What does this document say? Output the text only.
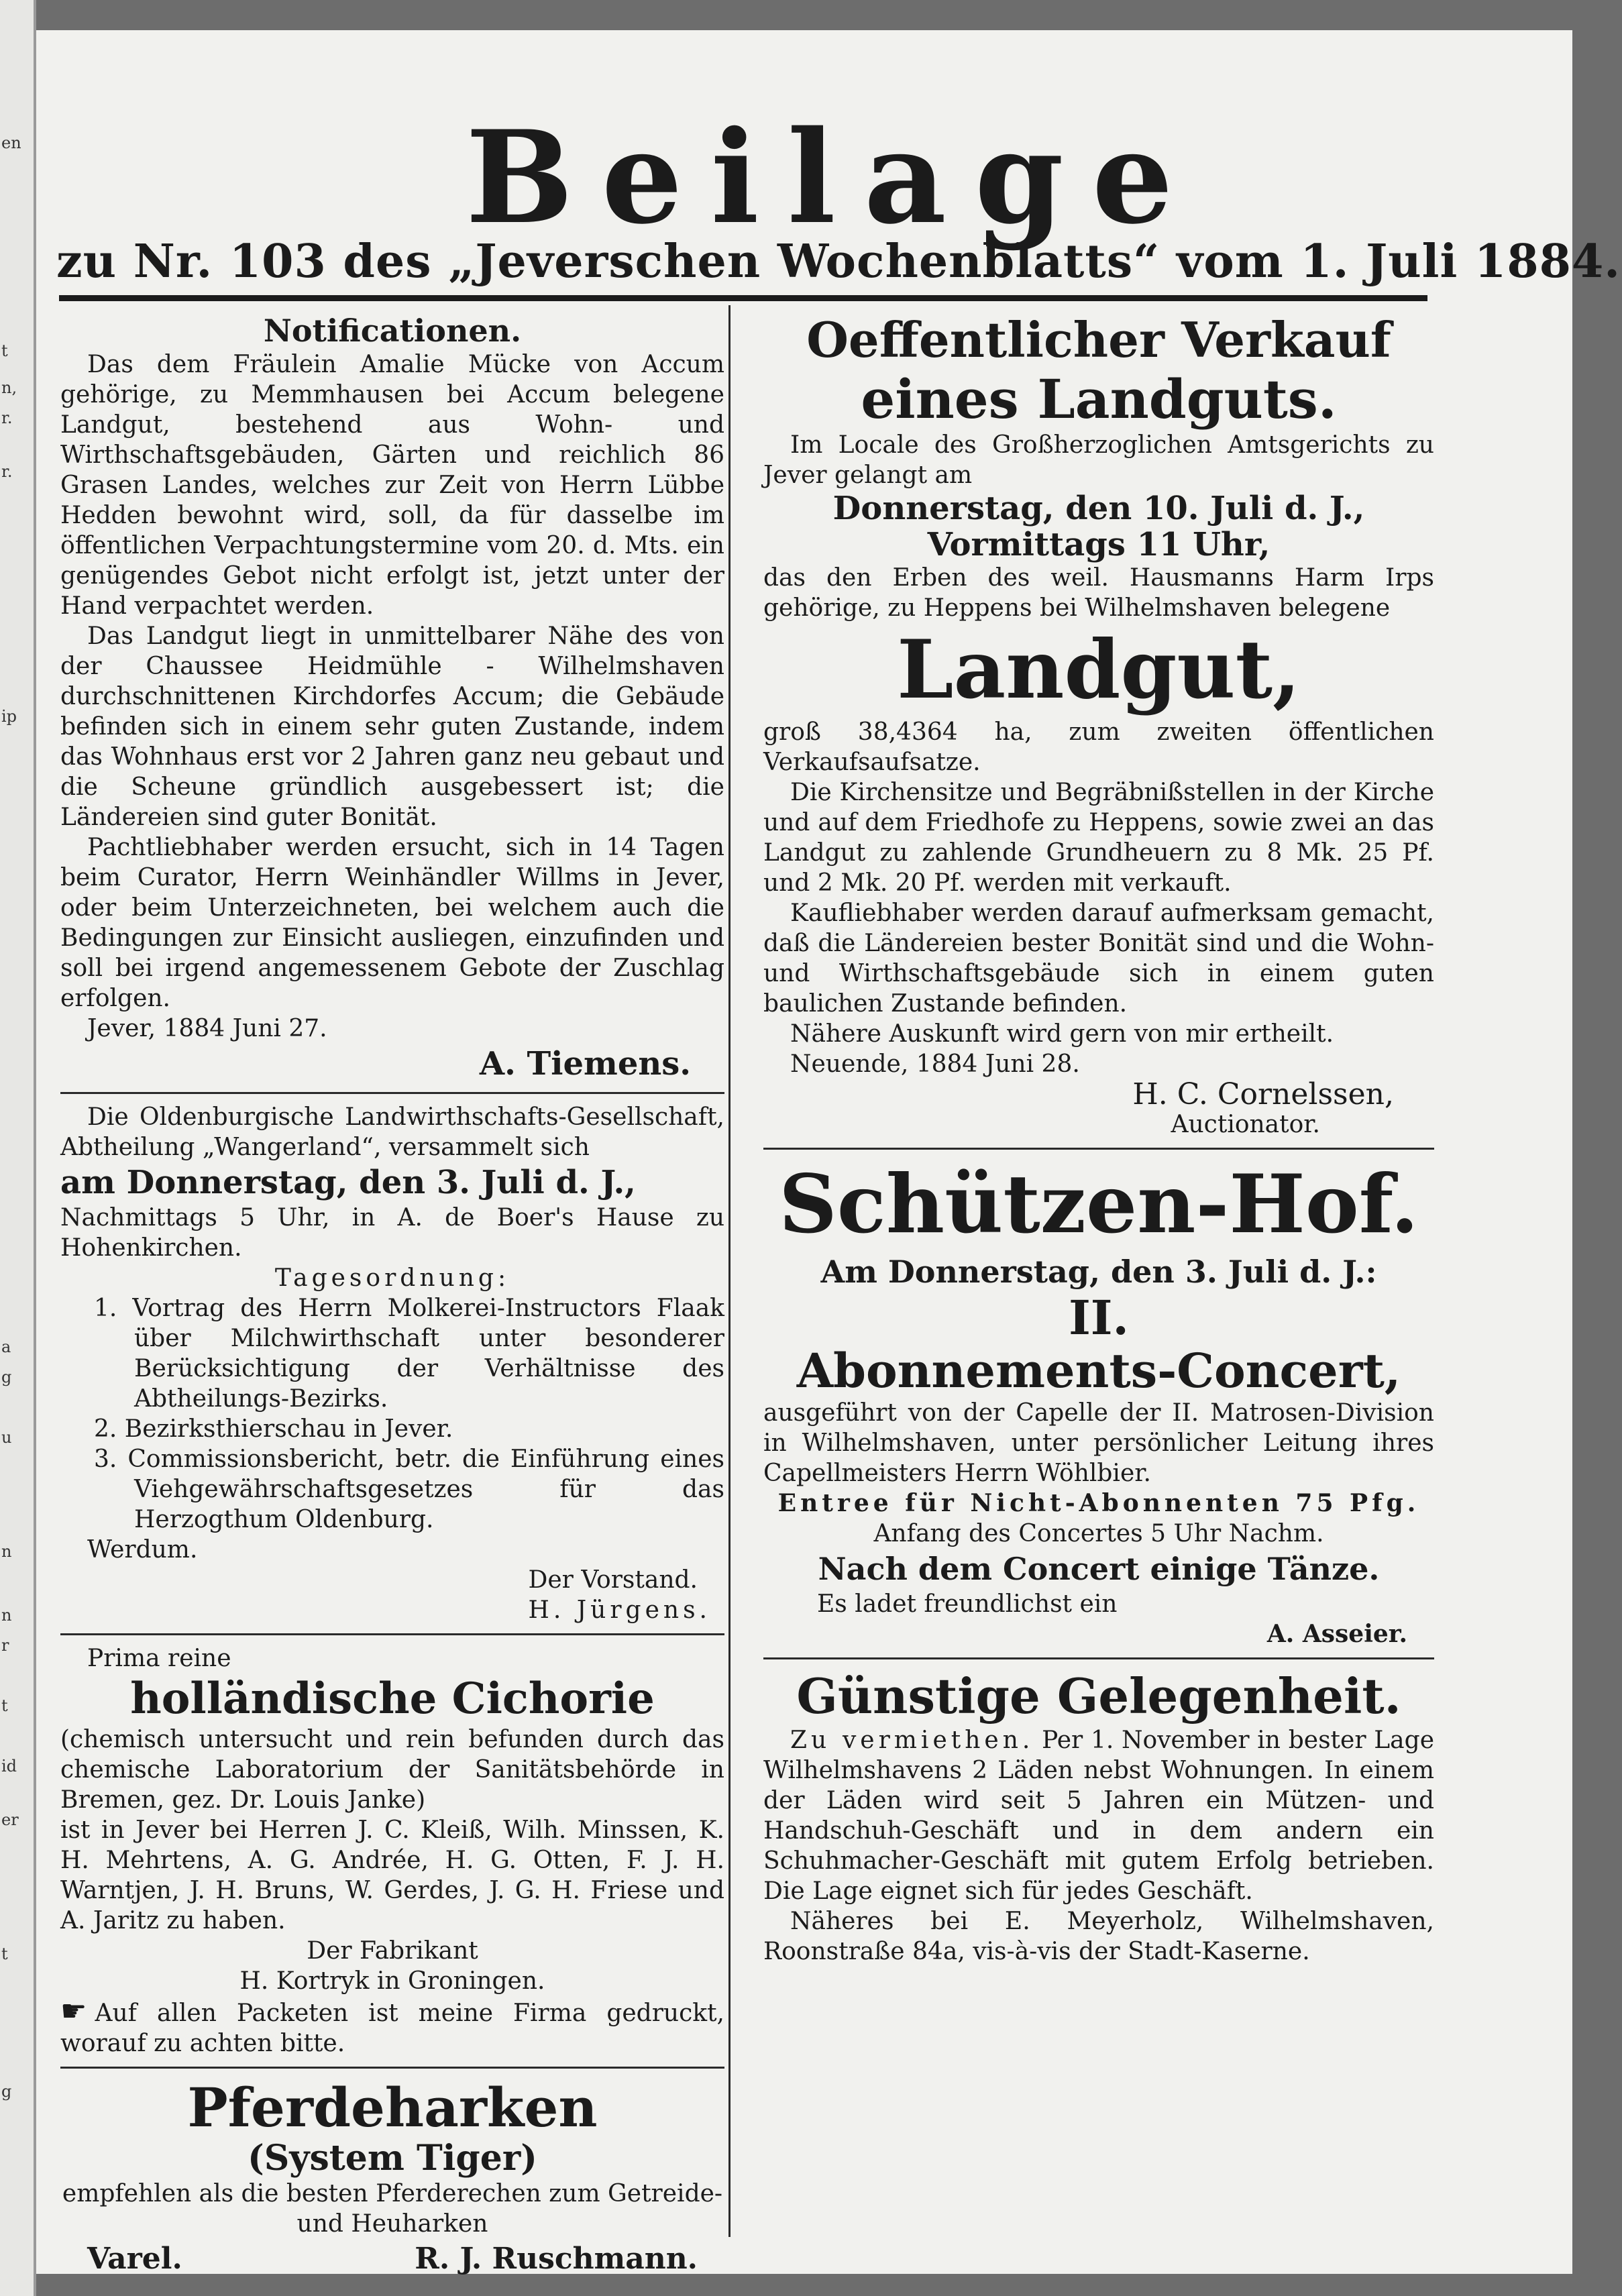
en
t
n,
r.
r.
ip
a
g
u
n
n
r
t
id
er
t
g
Beilage
zu Nr. 103 des „Jeverschen Wochenblatts“ vom 1. Juli 1884.

Notificationen.

Das dem Fräulein Amalie Mücke von Accum gehörige, zu Memmhausen bei Accum belegene Landgut, bestehend aus Wohn- und Wirthschaftsgebäuden, Gärten und reichlich 86 Grasen Landes, welches zur Zeit von Herrn Lübbe Hedden bewohnt wird, soll, da für dasselbe im öffentlichen Verpachtungstermine vom 20. d. Mts. ein genügendes Gebot nicht erfolgt ist, jetzt unter der Hand verpachtet werden.

Das Landgut liegt in unmittelbarer Nähe des von der Chaussee Heidmühle - Wilhelmshaven durchschnittenen Kirchdorfes Accum; die Gebäude befinden sich in einem sehr guten Zustande, indem das Wohnhaus erst vor 2 Jahren ganz neu gebaut und die Scheune gründlich ausgebessert ist; die Ländereien sind guter Bonität.

Pachtliebhaber werden ersucht, sich in 14 Tagen beim Curator, Herrn Weinhändler Willms in Jever, oder beim Unterzeichneten, bei welchem auch die Bedingungen zur Einsicht ausliegen, einzufinden und soll bei irgend angemessenem Gebote der Zuschlag erfolgen.

Jever, 1884 Juni 27.

A. Tiemens.

Die Oldenburgische Landwirthschafts-Gesellschaft, Abtheilung „Wangerland“, versammelt sich

am Donnerstag, den 3. Juli d. J.,

Nachmittags 5 Uhr, in A. de Boer's Hause zu Hohenkirchen.

Tagesordnung:

1. Vortrag des Herrn Molkerei-Instructors Flaak über Milchwirthschaft unter besonderer Berücksichtigung der Verhältnisse des Abtheilungs-Bezirks.

2. Bezirksthierschau in Jever.

3. Commissionsbericht, betr. die Einführung eines Viehgewährschaftsgesetzes für das Herzogthum Oldenburg.

Werdum.

Der Vorstand.

H. Jürgens.

Prima reine

holländische Cichorie

(chemisch untersucht und rein befunden durch das chemische Laboratorium der Sanitätsbehörde in Bremen, gez. Dr. Louis Janke)

ist in Jever bei Herren J. C. Kleiß, Wilh. Minssen, K. H. Mehrtens, A. G. Andrée, H. G. Otten, F. J. H. Warntjen, J. H. Bruns, W. Gerdes, J. G. H. Friese und A. Jaritz zu haben.

Der Fabrikant

H. Kortryk in Groningen.

☛ Auf allen Packeten ist meine Firma gedruckt, worauf zu achten bitte.

Pferdeharken

(System Tiger)

empfehlen als die besten Pferderechen zum Getreide- und Heuharken

Varel.	R. J. Ruschmann.

Oeffentlicher Verkauf

eines Landguts.

Im Locale des Großherzoglichen Amtsgerichts zu Jever gelangt am

Donnerstag, den 10. Juli d. J.,

Vormittags 11 Uhr,

das den Erben des weil. Hausmanns Harm Irps gehörige, zu Heppens bei Wilhelmshaven belegene

Landgut,

groß 38,4364 ha, zum zweiten öffentlichen Verkaufsaufsatze.

Die Kirchensitze und Begräbnißstellen in der Kirche und auf dem Friedhofe zu Heppens, sowie zwei an das Landgut zu zahlende Grundheuern zu 8 Mk. 25 Pf. und 2 Mk. 20 Pf. werden mit verkauft.

Kaufliebhaber werden darauf aufmerksam gemacht, daß die Ländereien bester Bonität sind und die Wohn- und Wirthschaftsgebäude sich in einem guten baulichen Zustande befinden.

Nähere Auskunft wird gern von mir ertheilt.

Neuende, 1884 Juni 28.

H. C. Cornelssen,

Auctionator.

Schützen-Hof.

Am Donnerstag, den 3. Juli d. J.:

II.

Abonnements-Concert,

ausgeführt von der Capelle der II. Matrosen-Division in Wilhelmshaven, unter persönlicher Leitung ihres Capellmeisters Herrn Wöhlbier.

Entree für Nicht-Abonnenten 75 Pfg.

Anfang des Concertes 5 Uhr Nachm.

Nach dem Concert einige Tänze.

Es ladet freundlichst ein

A. Asseier.

Günstige Gelegenheit.

Zu vermiethen. Per 1. November in bester Lage Wilhelmshavens 2 Läden nebst Wohnungen. In einem der Läden wird seit 5 Jahren ein Mützen- und Handschuh-Geschäft und in dem andern ein Schuhmacher-Geschäft mit gutem Erfolg betrieben. Die Lage eignet sich für jedes Geschäft.

Näheres bei E. Meyerholz, Wilhelmshaven, Roonstraße 84a, vis-à-vis der Stadt-Kaserne.
